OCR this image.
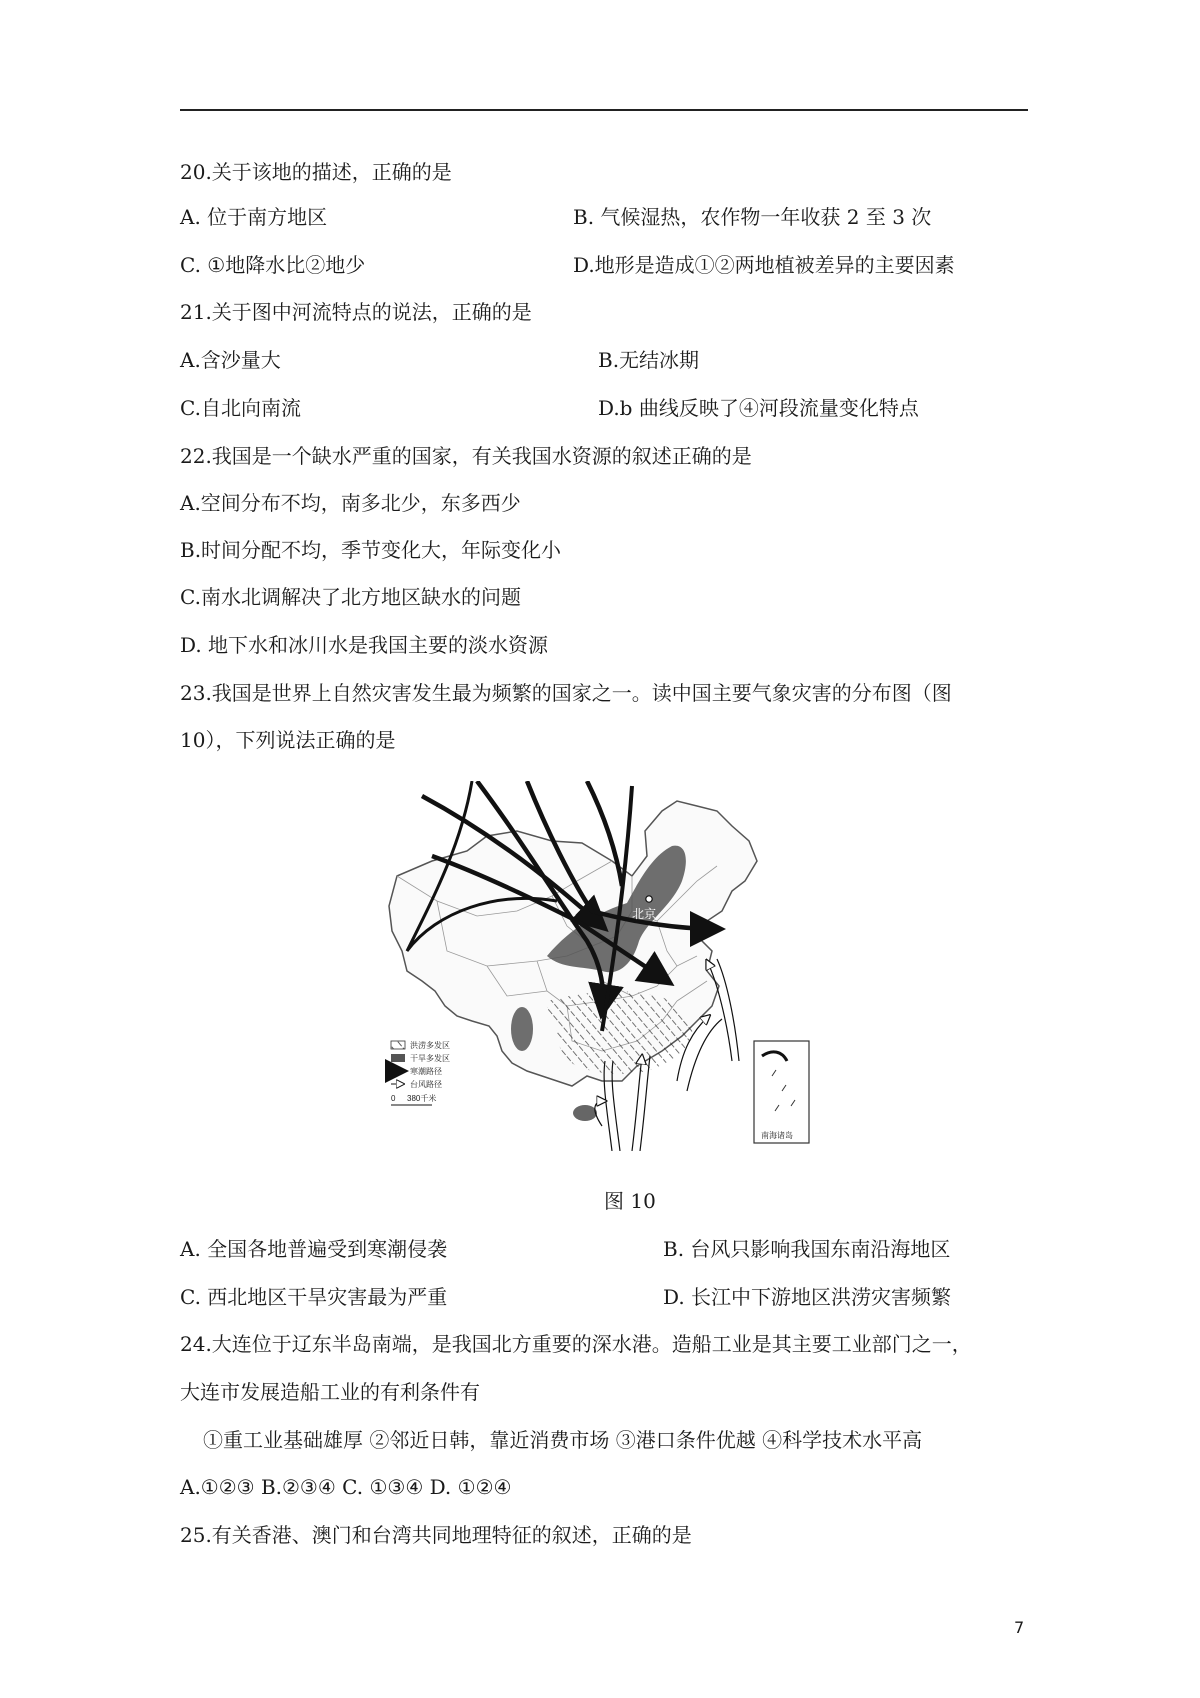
20.关于该地的描述，正确的是
A. 位于南方地区	B. 气候湿热，农作物一年收获 2 至 3 次
C. ①地降水比②地少	D.地形是造成①②两地植被差异的主要因素
21.关于图中河流特点的说法，正确的是
A.含沙量大	B.无结冰期
C.自北向南流	D.b 曲线反映了④河段流量变化特点
22.我国是一个缺水严重的国家，有关我国水资源的叙述正确的是
A.空间分布不均，南多北少，东多西少
B.时间分配不均，季节变化大，年际变化小
C.南水北调解决了北方地区缺水的问题
D. 地下水和冰川水是我国主要的淡水资源
23.我国是世界上自然灾害发生最为频繁的国家之一。读中国主要气象灾害的分布图（图
10），下列说法正确的是
北京
南海诸岛
洪涝多发区
干旱多发区
寒潮路径
台风路径
0 380千米
图 10
A. 全国各地普遍受到寒潮侵袭	B. 台风只影响我国东南沿海地区
C. 西北地区干旱灾害最为严重	D. 长江中下游地区洪涝灾害频繁
24.大连位于辽东半岛南端，是我国北方重要的深水港。造船工业是其主要工业部门之一，
大连市发展造船工业的有利条件有
①重工业基础雄厚 ②邻近日韩，靠近消费市场 ③港口条件优越 ④科学技术水平高
A.①②③ B.②③④ C. ①③④ D. ①②④
25.有关香港、澳门和台湾共同地理特征的叙述，正确的是
7
